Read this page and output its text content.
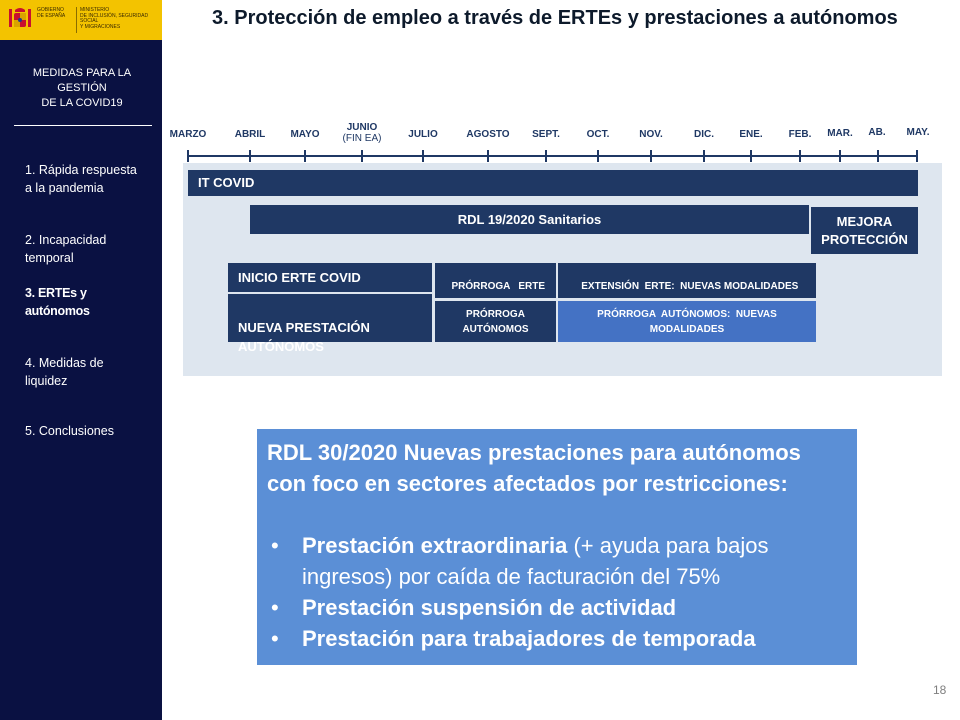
GOBIERNO
DE ESPAÑA
MINISTERIO
DE INCLUSIÓN, SEGURIDAD SOCIAL
Y MIGRACIONES
MEDIDAS PARA LA
GESTIÓN
DE LA COVID19
1. Rápida respuesta
a la pandemia
2. Incapacidad
temporal
3. ERTEs y
autónomos
4. Medidas de
liquidez
5. Conclusiones
3. Protección de empleo a través de ERTEs y prestaciones a autónomos
MARZO	ABRIL	MAYO
JUNIO
(FIN EA)	JULIO	AGOSTO SEPT.	OCT.	NOV.	DIC.	ENE.	FEB. MAR. AB. MAY.
IT COVID
RDL 19/2020 Sanitarios	MEJORA
PROTECCIÓN
INICIO ERTE COVID

NUEVA PRESTACIÓN
AUTÓNOMOS

PRÓRROGA   ERTE

PRÓRROGA
AUTÓNOMOS

EXTENSIÓN  ERTE:  NUEVAS MODALIDADES

PRÓRROGA  AUTÓNOMOS:  NUEVAS
MODALIDADES
RDL 30/2020 Nuevas prestaciones para autónomos
con foco en sectores afectados por restricciones:
• Prestación extraordinaria (+ ayuda para bajos ingresos) por caída de facturación del 75%
• Prestación suspensión de actividad
• Prestación para trabajadores de temporada
18
